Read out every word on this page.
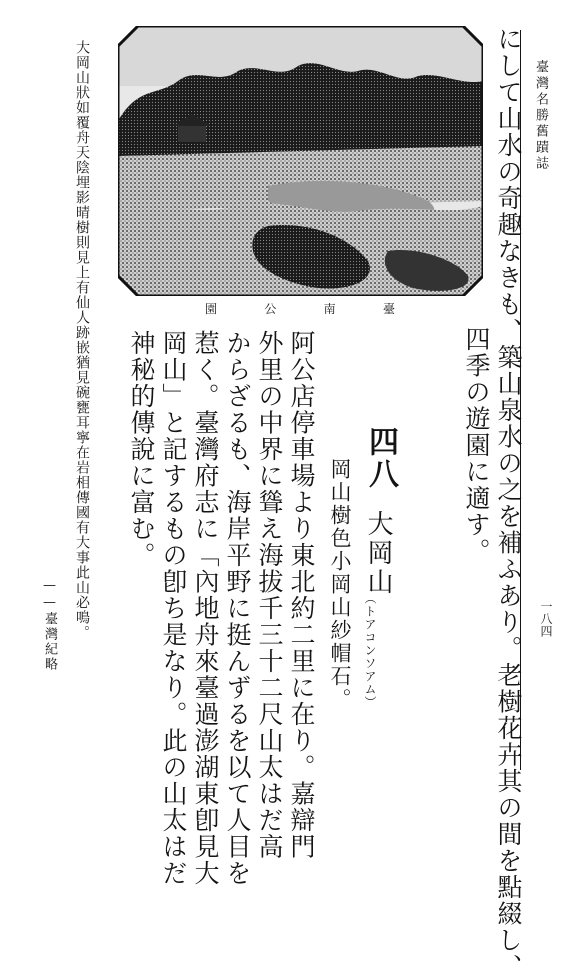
一八四
臺灣名勝舊蹟誌
臺
南
公
園	にして山水の奇趣なきも、築山泉水の之を補ふあり。老樹花卉其の間を點綴し、
四季の遊園に適す。
四八
大岡山
（トアコンソアム）
岡山樹色小岡山紗帽石。
阿公店停車場より東北約二里に在り。嘉辯門
外里の中界に聳え海拔千三十二尺山太はだ高
からざるも、海岸平野に挺んずるを以て人目を
惹く。臺灣府志に「內地舟來臺過澎湖東卽見大
岡山」と記するもの卽ち是なり。此の山太はだ
神秘的傳說に富む。
大岡山狀如覆舟天陰埋影晴樹則見上有仙人跡嵌猶見碗甕耳寧在岩相傳國有大事此山必鳴。
——臺灣紀略
